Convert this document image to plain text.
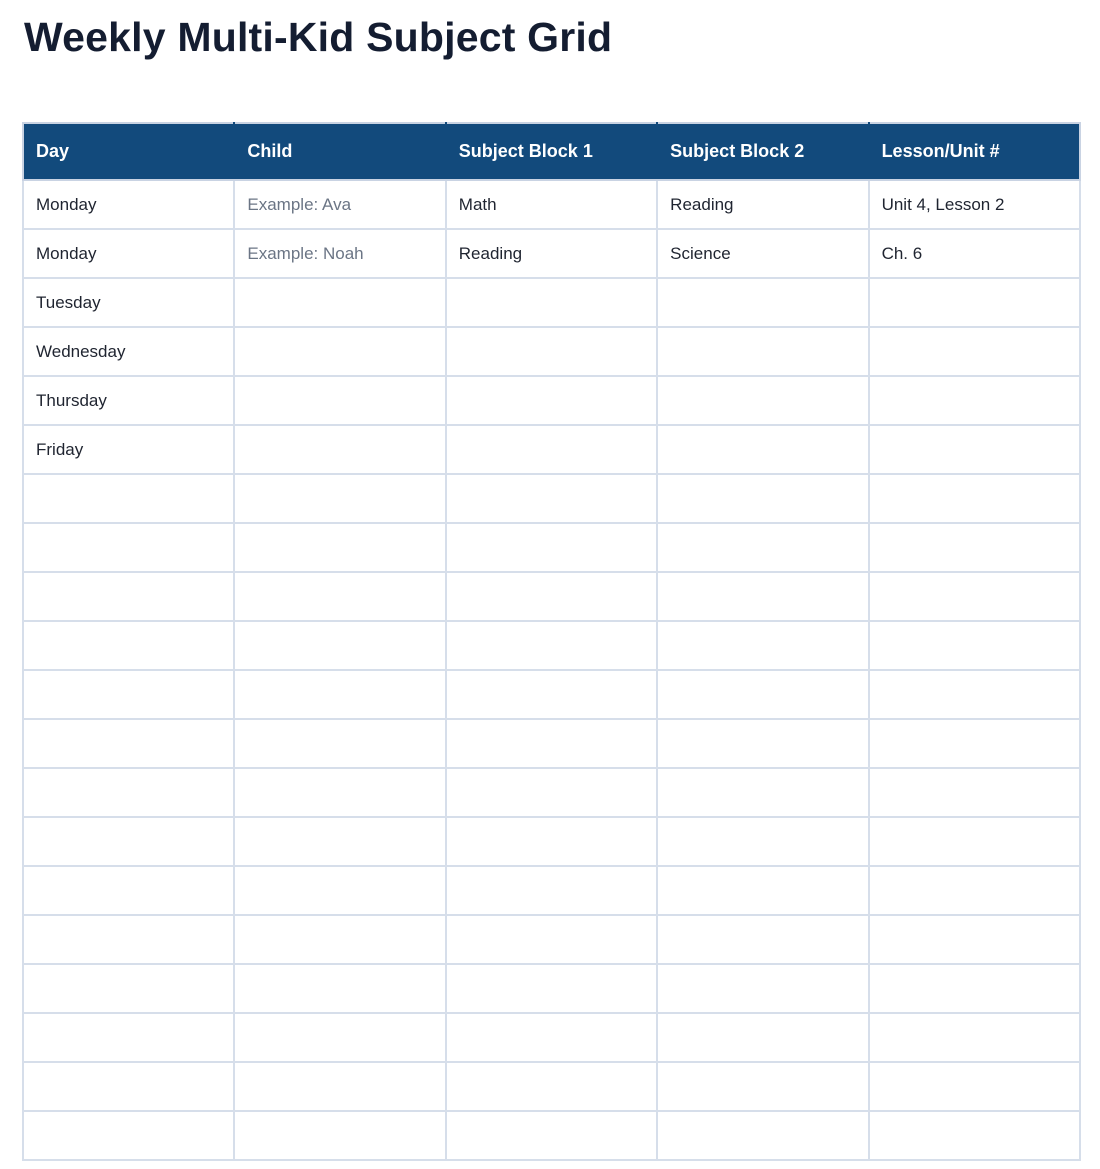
Weekly Multi-Kid Subject Grid
Day	Child	Subject Block 1	Subject Block 2	Lesson/Unit #
Monday	Example: Ava	Math	Reading	Unit 4, Lesson 2
Monday	Example: Noah	Reading	Science	Ch. 6
Tuesday				
Wednesday				
Thursday				
Friday				
